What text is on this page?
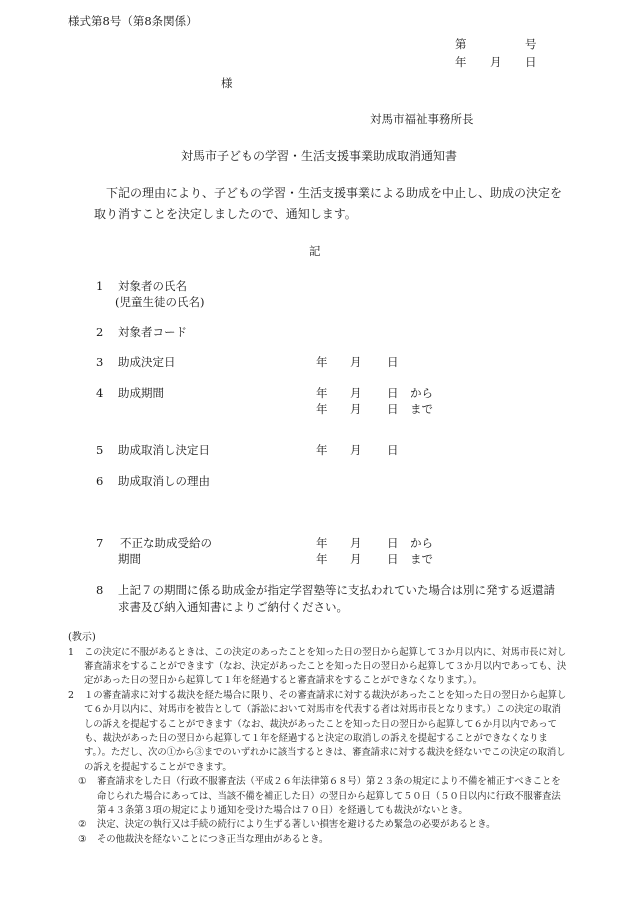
様式第8号（第8条関係）
第	号
年 月 日
様
対馬市福祉事務所長
対馬市子どもの学習・生活支援事業助成取消通知書
下記の理由により、子どもの学習・生活支援事業による助成を中止し、助成の決定を取り消すことを決定しましたので、通知します。
記
1 対象者の氏名
(児童生徒の氏名)
2 対象者コード
3 助成決定日	年 月 日
4 助成期間	年 月 日 から
年 月 日 まで
5 助成取消し決定日	年 月 日
6 助成取消しの理由
7 不正な助成受給の
期間
年 月 日 から
年 月 日 まで
8	上記７の期間に係る助成金が指定学習塾等に支払われていた場合は別に発する返還請求書及び納入通知書によりご納付ください。
(教示)
1	この決定に不服があるときは、この決定のあったことを知った日の翌日から起算して３か月以内に、対馬市長に対し審査請求をすることができます（なお、決定があったことを知った日の翌日から起算して３か月以内であっても、決定があった日の翌日から起算して１年を経過すると審査請求をすることができなくなります。）。
2	１の審査請求に対する裁決を経た場合に限り、その審査請求に対する裁決があったことを知った日の翌日から起算して６か月以内に、対馬市を被告として（訴訟において対馬市を代表する者は対馬市長となります。）この決定の取消しの訴えを提起することができます（なお、裁決があったことを知った日の翌日から起算して６か月以内であっても、裁決があった日の翌日から起算して１年を経過すると決定の取消しの訴えを提起することができなくなります。）。ただし、次の①から③までのいずれかに該当するときは、審査請求に対する裁決を経ないでこの決定の取消しの訴えを提起することができます。
①	審査請求をした日（行政不服審査法（平成２６年法律第６８号）第２３条の規定により不備を補正すべきことを命じられた場合にあっては、当該不備を補正した日）の翌日から起算して５０日（５０日以内に行政不服審査法第４３条第３項の規定により通知を受けた場合は７０日）を経過しても裁決がないとき。
②	決定、決定の執行又は手続の続行により生ずる著しい損害を避けるため緊急の必要があるとき。
③	その他裁決を経ないことにつき正当な理由があるとき。
